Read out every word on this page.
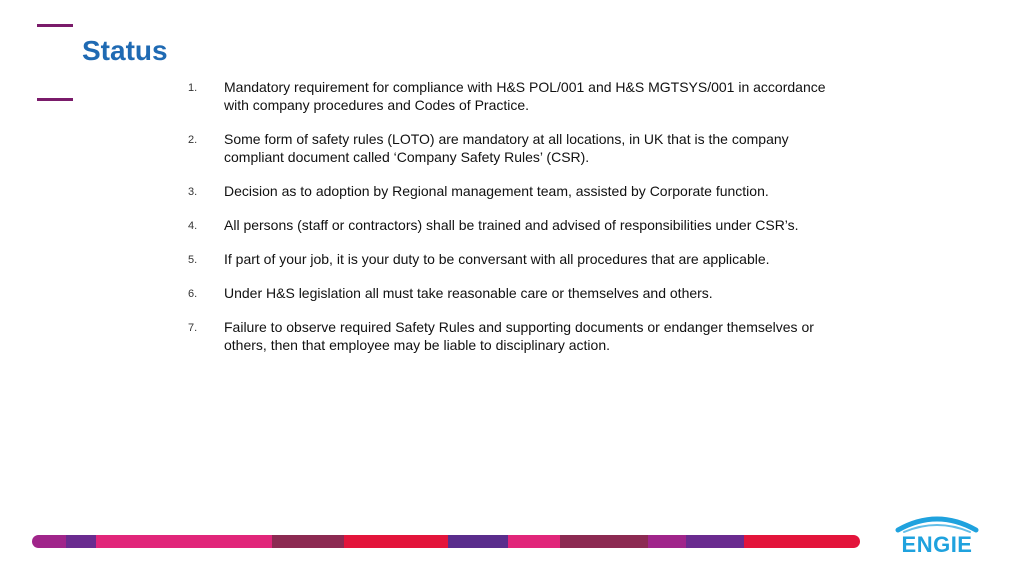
Status
1. Mandatory requirement for compliance with H&S POL/001 and H&S MGTSYS/001 in accordance with company procedures and Codes of Practice.
2. Some form of safety rules (LOTO) are mandatory at all locations, in UK that is the company compliant document called ‘Company Safety Rules’ (CSR).
3. Decision as to adoption by Regional management team, assisted by Corporate function.
4. All persons (staff or contractors) shall be trained and advised of responsibilities under CSR’s.
5. If part of your job, it is your duty to be conversant with all procedures that are applicable.
6. Under H&S legislation all must take reasonable care or themselves and others.
7. Failure to observe required Safety Rules and supporting documents or endanger themselves or others, then that employee may be liable to disciplinary action.
ENGIE
